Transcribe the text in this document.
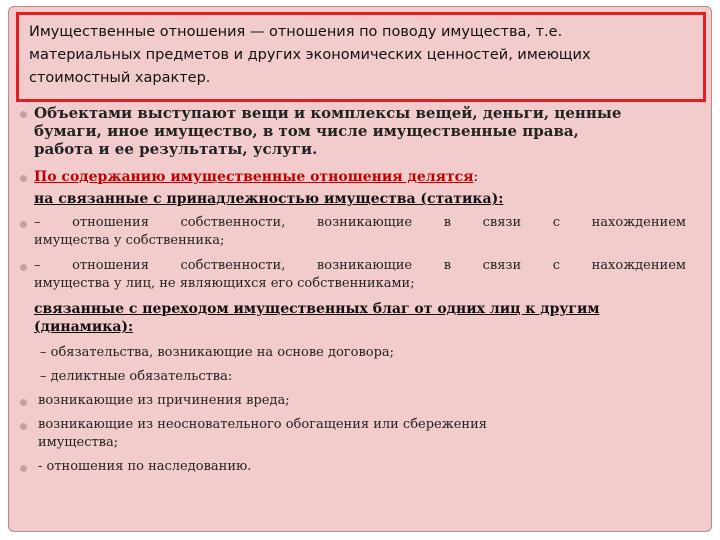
Имущественные отношения — отношения по поводу имущества, т.е.
материальных предметов и других экономических ценностей, имеющих
стоимостный характер.

Объектами выступают вещи и комплексы вещей, деньги, ценные
бумаги, иное имущество, в том числе имущественные права,
работа и ее результаты, услуги.
По содержанию имущественные отношения делятся:
на связанные с принадлежностью имущества (статика):
– отношения собственности, возникающие в связи с нахождением
имущества у собственника;
– отношения собственности, возникающие в связи с нахождением
имущества у лиц, не являющихся его собственниками;
связанные с переходом имущественных благ от одних лиц к другим
(динамика):
– обязательства, возникающие на основе договора;
– деликтные обязательства:
возникающие из причинения вреда;
возникающие из неосновательного обогащения или сбережения
имущества;
- отношения по наследованию.
